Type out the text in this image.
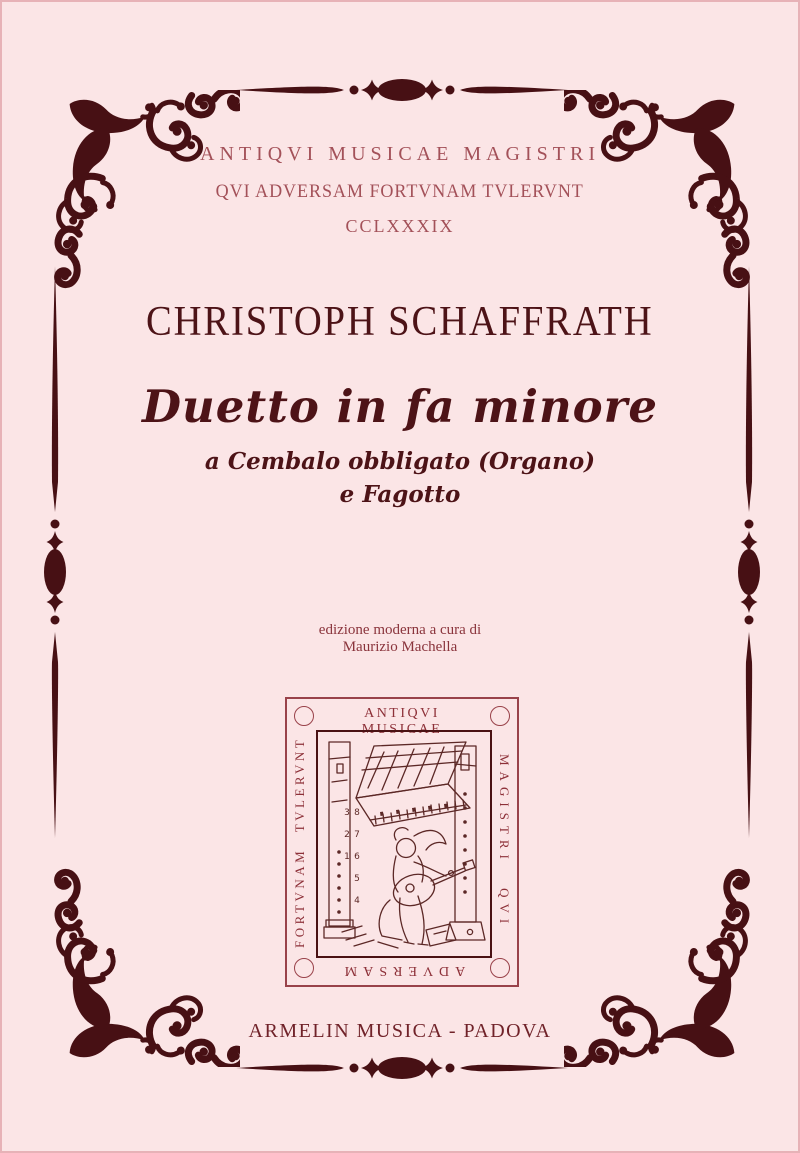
ANTIQVI MUSICAE MAGISTRI
QVI ADVERSAM FORTVNAM TVLERVNT
CCLXXXIX
CHRISTOPH SCHAFFRATH
Duetto in fa minore
a Cembalo obbligato (Organo)
e Fagotto
edizione moderna a cura di
Maurizio Machella
ANTIQVI MUSICAE
ADVERSAM
FORTVNAM TVLERVNT	MAGISTRI QVI
8 7 6 5 4 3 2 1
ARMELIN MUSICA - PADOVA
